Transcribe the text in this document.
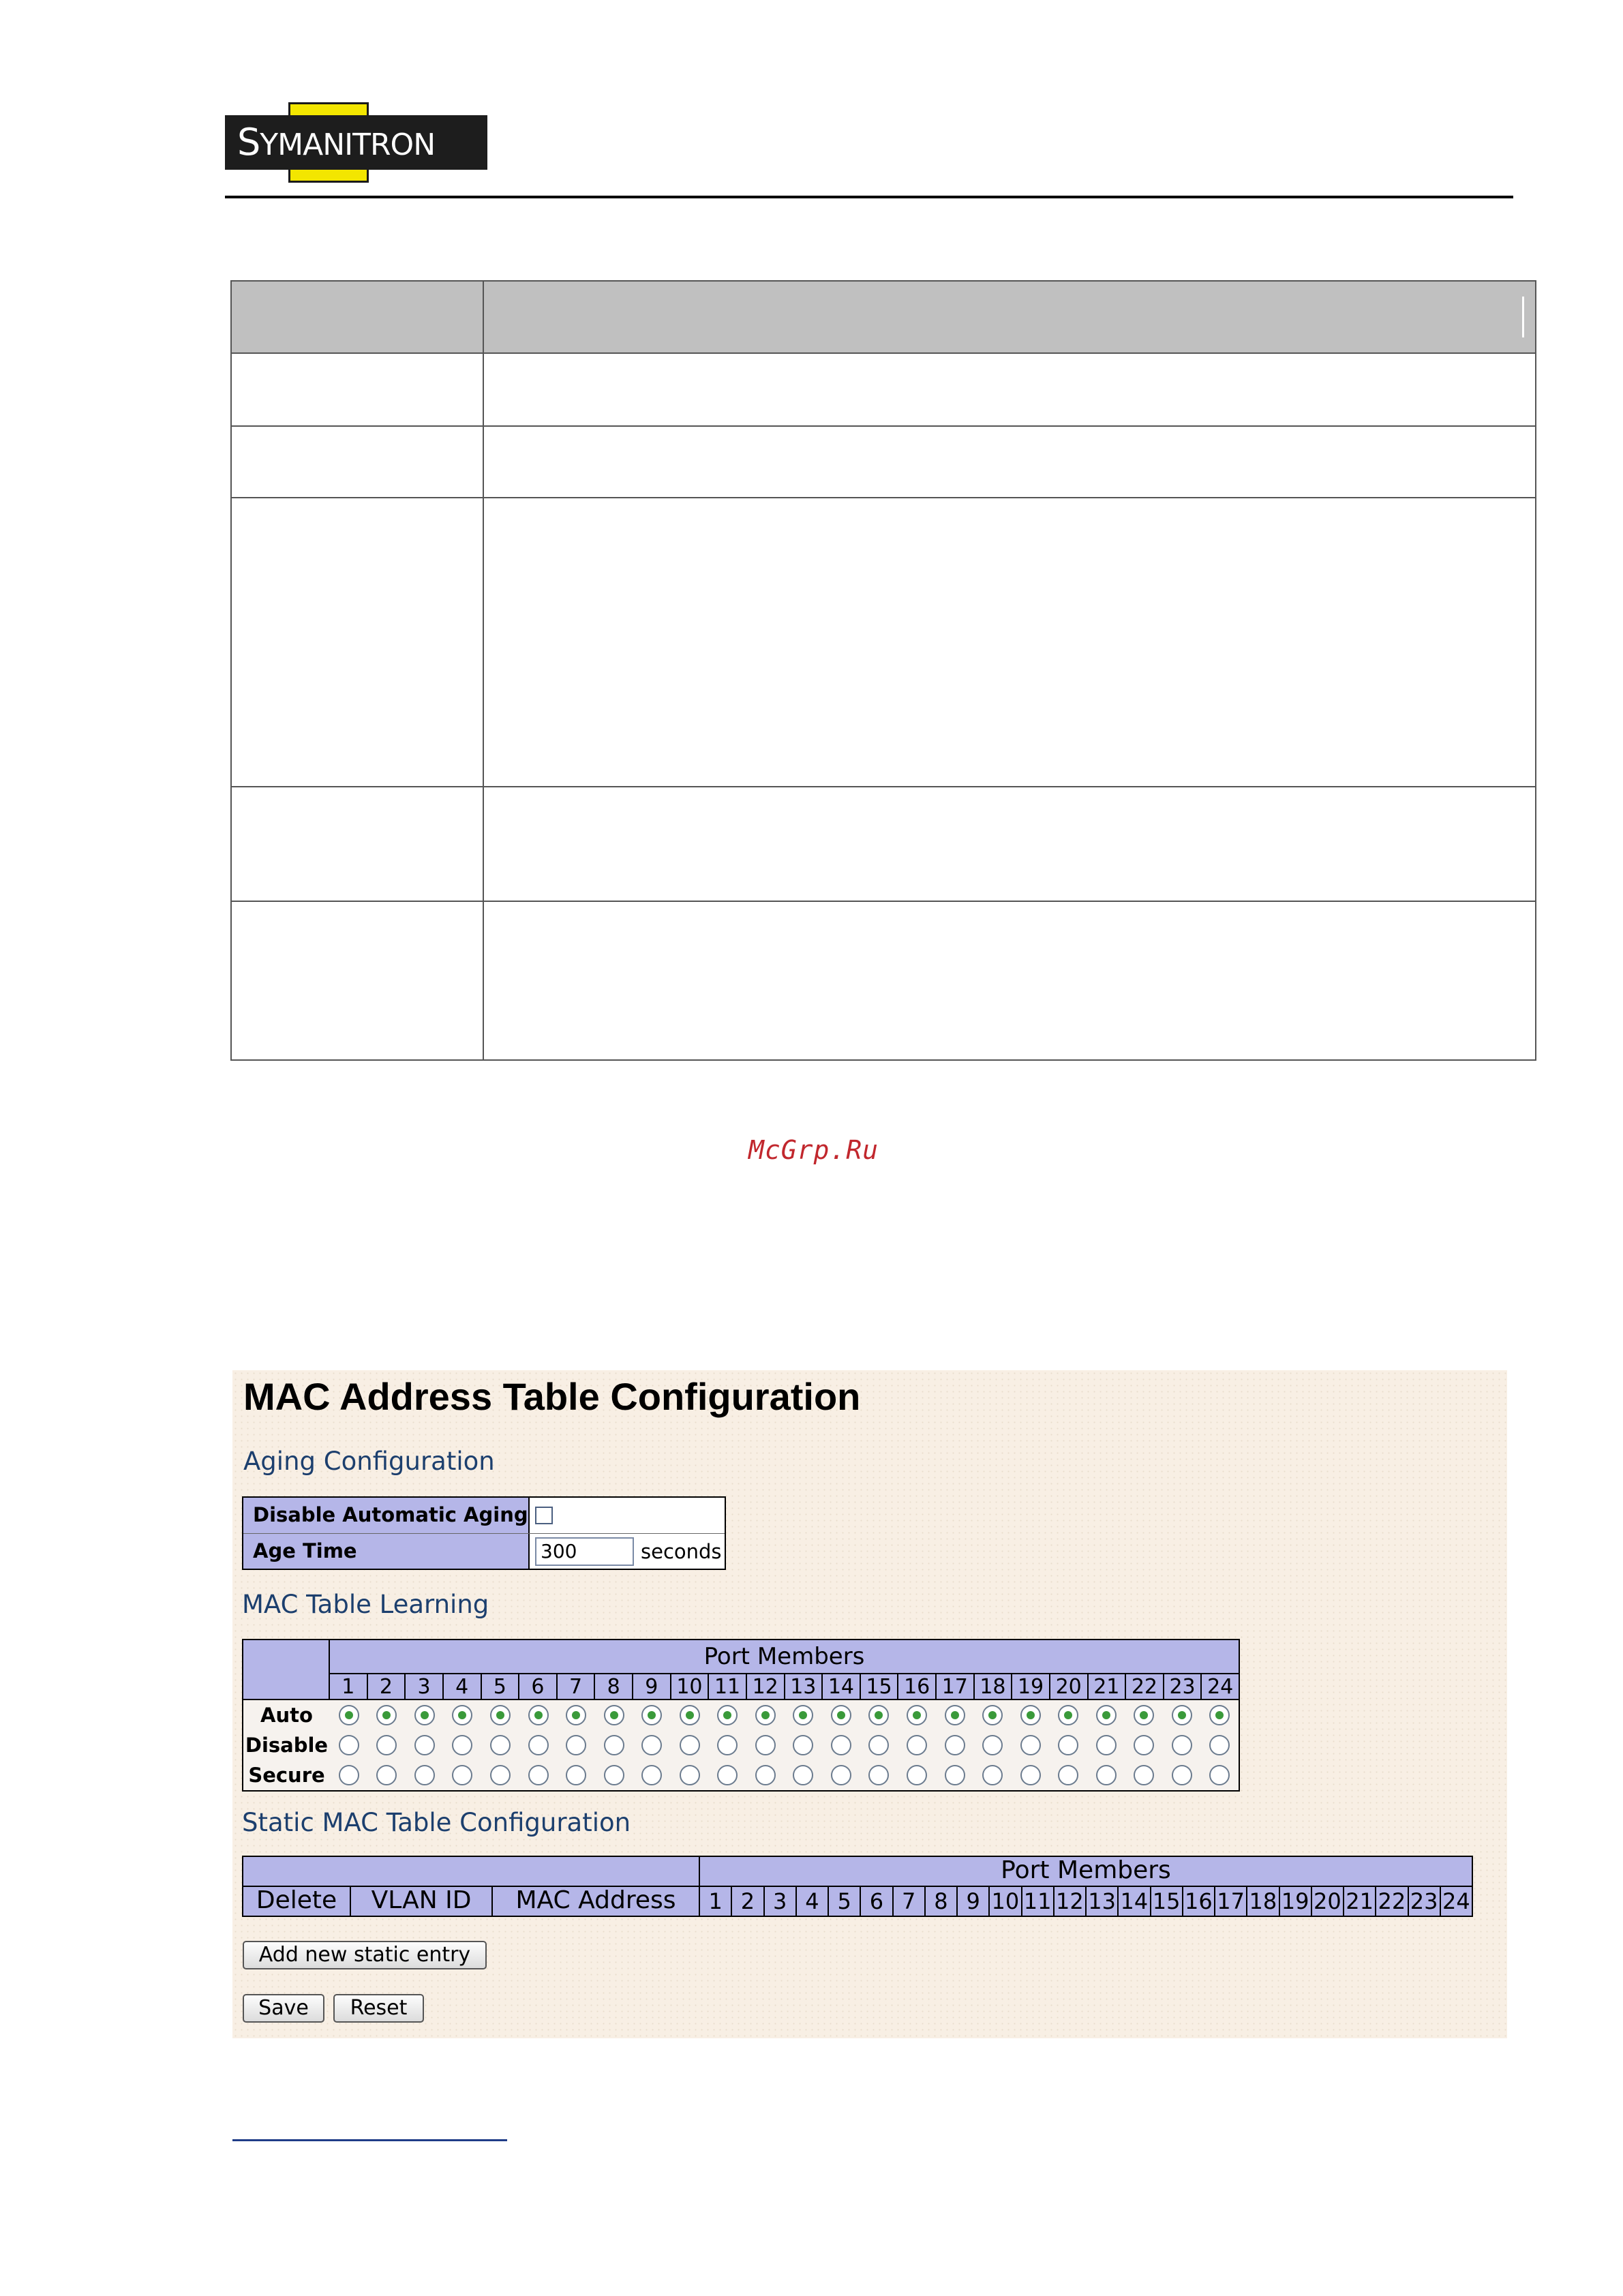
SYMANITRON
McGrp.Ru
MAC Address Table Configuration
Aging Configuration
Disable Automatic Aging
Age Time	300	seconds
MAC Table Learning
Port Members
1	2	3	4	5	6	7	8	9 10 11 12 13 14 15 16 17 18 19 20 21 22 23 24
Auto
Disable
Secure
Static MAC Table Configuration
Port Members
Delete	VLAN ID	MAC Address	1 2 3 4 5 6 7 8 9 10 11 12 13 14 15 16 17 18 19 20 21 22 23 24
Add new static entry
Save	Reset
